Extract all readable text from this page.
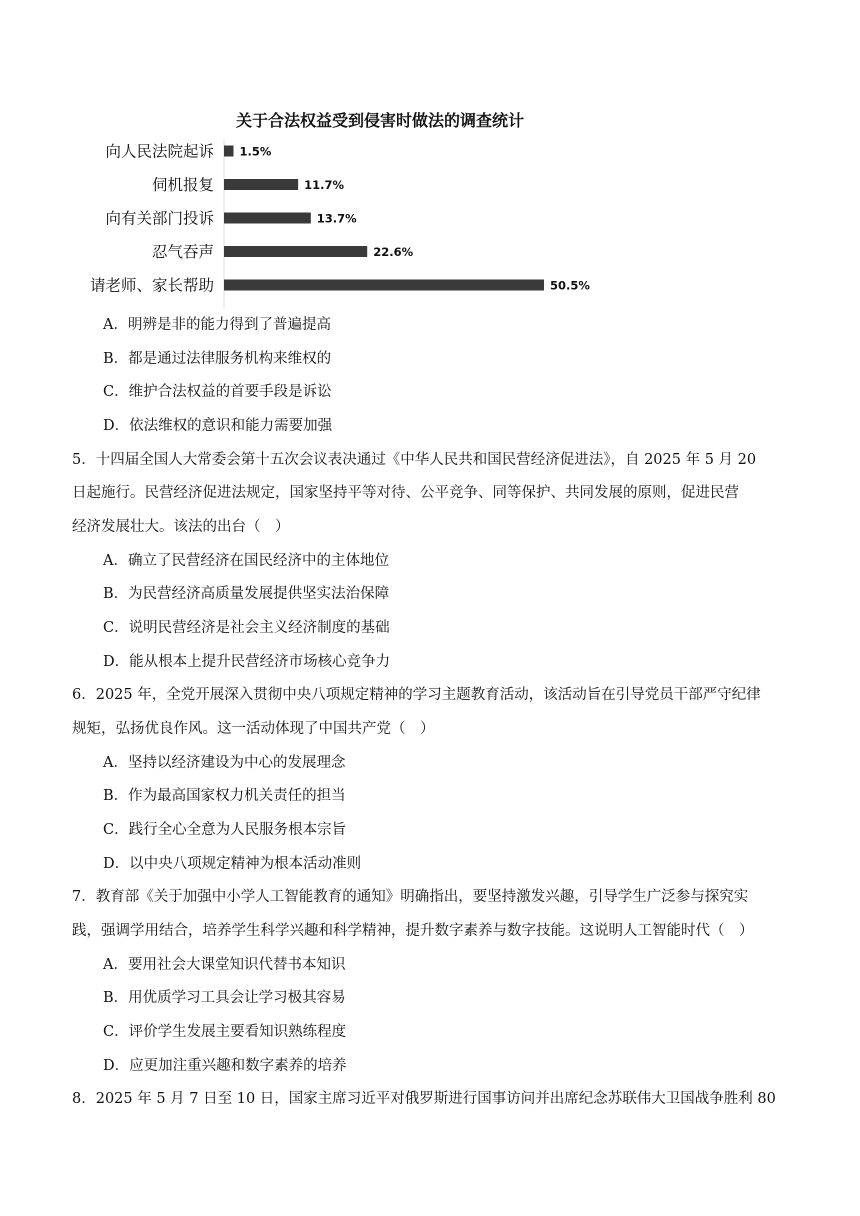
关于合法权益受到侵害时做法的调查统计
向人民法院起诉 1.5%
伺机报复	11.7%
向有关部门投诉	13.7%
忍气吞声	22.6%
请老师、家长帮助	50.5%
A．明辨是非的能力得到了普遍提高
B．都是通过法律服务机构来维权的
C．维护合法权益的首要手段是诉讼
D．依法维权的意识和能力需要加强
5．十四届全国人大常委会第十五次会议表决通过《中华人民共和国民营经济促进法》，自 2025 年 5 月 20
日起施行。民营经济促进法规定，国家坚持平等对待、公平竞争、同等保护、共同发展的原则，促进民营
经济发展壮大。该法的出台（　）
A．确立了民营经济在国民经济中的主体地位
B．为民营经济高质量发展提供坚实法治保障
C．说明民营经济是社会主义经济制度的基础
D．能从根本上提升民营经济市场核心竞争力
6．2025 年，全党开展深入贯彻中央八项规定精神的学习主题教育活动，该活动旨在引导党员干部严守纪律
规矩，弘扬优良作风。这一活动体现了中国共产党（　）
A．坚持以经济建设为中心的发展理念
B．作为最高国家权力机关责任的担当
C．践行全心全意为人民服务根本宗旨
D．以中央八项规定精神为根本活动准则
7．教育部《关于加强中小学人工智能教育的通知》明确指出，要坚持激发兴趣，引导学生广泛参与探究实
践，强调学用结合，培养学生科学兴趣和科学精神，提升数字素养与数字技能。这说明人工智能时代（　）
A．要用社会大课堂知识代替书本知识
B．用优质学习工具会让学习极其容易
C．评价学生发展主要看知识熟练程度
D．应更加注重兴趣和数字素养的培养
8．2025 年 5 月 7 日至 10 日，国家主席习近平对俄罗斯进行国事访问并出席纪念苏联伟大卫国战争胜利 80
